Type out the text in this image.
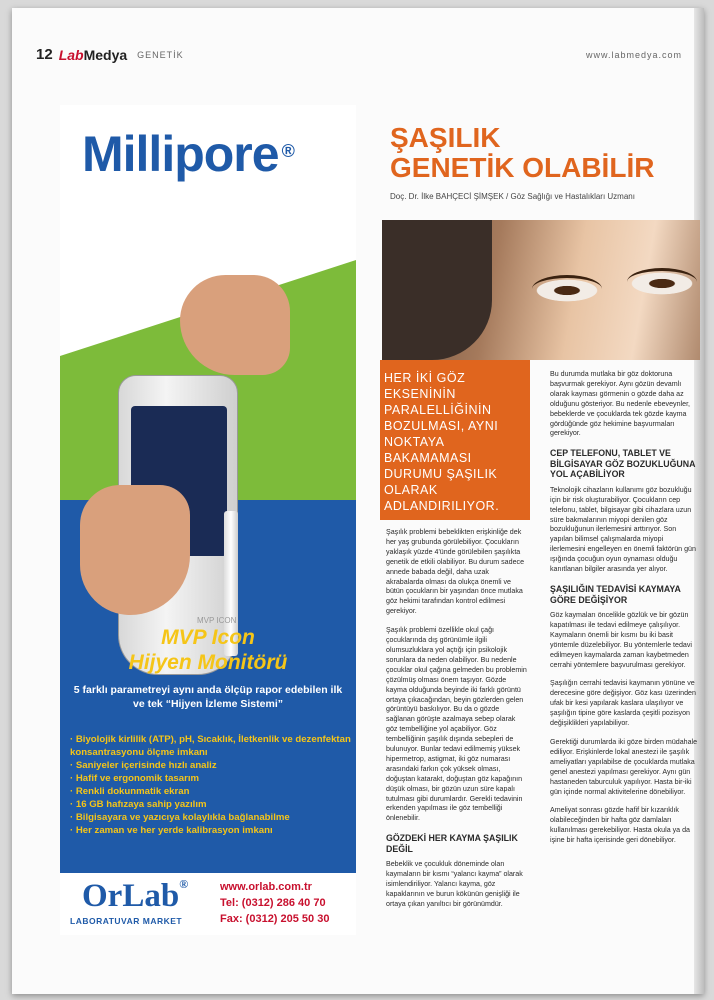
12 LabMedya GENETİK	www.labmedya.com
Millipore ®
MVP ICON
MVP Icon
Hijyen Monitörü
5 farklı parametreyi aynı anda ölçüp rapor edebilen ilk ve tek “Hijyen İzleme Sistemi”
· Biyolojik kirlilik (ATP), pH, Sıcaklık, İletkenlik ve dezenfektan konsantrasyonu ölçme imkanı
· Saniyeler içerisinde hızlı analiz
· Hafif ve ergonomik tasarım
· Renkli dokunmatik ekran
· 16 GB hafızaya sahip yazılım
· Bilgisayara ve yazıcıya kolaylıkla bağlanabilme
· Her zaman ve her yerde kalibrasyon imkanı
OrLab®
LABORATUVAR MARKET
www.orlab.com.tr
Tel: (0312) 286 40 70
Fax: (0312) 205 50 30
ŞAŞILIK
GENETİK OLABİLİR
Doç. Dr. İlke BAHÇECİ ŞİMŞEK / Göz Sağlığı ve Hastalıkları Uzmanı
HER İKİ GÖZ EKSENİNİN PARALELLİĞİNİN BOZULMASI, AYNI NOKTAYA BAKAMAMASI DURUMU ŞAŞILIK OLARAK ADLANDIRILIYOR.

Şaşılık problemi bebeklikten erişkinliğe dek her yaş grubunda görülebiliyor. Çocukların yaklaşık yüzde 4'ünde görülebilen şaşılıkta genetik de etkili olabiliyor. Bu durum sadece annede babada değil, daha uzak akrabalarda olması da olukça önemli ve bütün çocukların bir yaşından önce mutlaka göz hekimi tarafından kontrol edilmesi gerekiyor.

Şaşılık problemi özellikle okul çağı çocuklarında dış görünümle ilgili olumsuzluklara yol açtığı için psikolojik sorunlara da neden olabiliyor. Bu nedenle çocuklar okul çağına gelmeden bu problemin çözülmüş olması önem taşıyor. Gözde kayma olduğunda beyinde iki farklı görüntü ortaya çıkacağından, beyin gözlerden gelen görüntüyü baskılıyor. Bu da o gözde sağlanan görüşte azalmaya sebep olarak göz tembelliğine yol açabiliyor. Göz tembelliğinin şaşılık dışında sebepleri de bulunuyor. Bunlar tedavi edilmemiş yüksek hipermetrop, astigmat, iki göz numarası arasındaki farkın çok yüksek olması, doğuştan katarakt, doğuştan göz kapağının düşük olması, bir gözün uzun süre kapalı tutulması gibi durumlardır. Gerekli tedavinin erkenden yapılması ile göz tembelliği önlenebilir.

GÖZDEKİ HER KAYMA ŞAŞILIK DEĞİL

Bebeklik ve çocukluk döneminde olan kaymaların bir kısmı “yalancı kayma” olarak isimlendiriliyor. Yalancı kayma, göz kapaklarının ve burun kökünün genişliği ile ortaya çıkan yanıltıcı bir görünümdür.

Bu durumda mutlaka bir göz doktoruna başvurmak gerekiyor. Aynı gözün devamlı olarak kayması görmenin o gözde daha az olduğunu gösteriyor. Bu nedenle ebeveynler, bebeklerde ve çocuklarda tek gözde kayma gördüğünde göz hekimine başvurmaları gerekiyor.

CEP TELEFONU, TABLET VE BİLGİSAYAR GÖZ BOZUKLUĞUNA YOL AÇABİLİYOR

Teknolojik cihazların kullanımı göz bozukluğu için bir risk oluşturabiliyor. Çocukların cep telefonu, tablet, bilgisayar gibi cihazlara uzun süre bakmalarının miyopi denilen göz bozukluğunun ilerlemesini arttırıyor. Son yapılan bilimsel çalışmalarda miyopi ilerlemesini engelleyen en önemli faktörün gün ışığında çocuğun oyun oynaması olduğu kanıtlanan bilgiler arasında yer alıyor.

ŞAŞILIĞIN TEDAVİSİ KAYMAYA GÖRE DEĞİŞİYOR

Göz kaymaları öncelikle gözlük ve bir gözün kapatılması ile tedavi edilmeye çalışılıyor. Kaymaların önemli bir kısmı bu iki basit yöntemle düzelebiliyor. Bu yöntemlerle tedavi edilmeyen kaymalarda zaman kaybetmeden cerrahi yöntemlere başvurulması gerekiyor.

Şaşılığın cerrahi tedavisi kaymanın yönüne ve derecesine göre değişiyor. Göz kası üzerinden ufak bir kesi yapılarak kaslara ulaşılıyor ve şaşılığın tipine göre kaslarda çeşitli pozisyon değişiklikleri yapılabiliyor.

Gerektiği durumlarda iki göze birden müdahale ediliyor. Erişkinlerde lokal anestezi ile şaşılık ameliyatları yapılabilse de çocuklarda mutlaka genel anestezi yapılması gerekiyor. Aynı gün hastaneden taburculuk yapılıyor. Hasta bir-iki gün içinde normal aktivitelerine dönebiliyor.

Ameliyat sonrası gözde hafif bir kızarıklık olabileceğinden bir hafta göz damlaları kullanılması gerekebiliyor. Hasta okula ya da işine bir hafta içerisinde geri dönebiliyor.
